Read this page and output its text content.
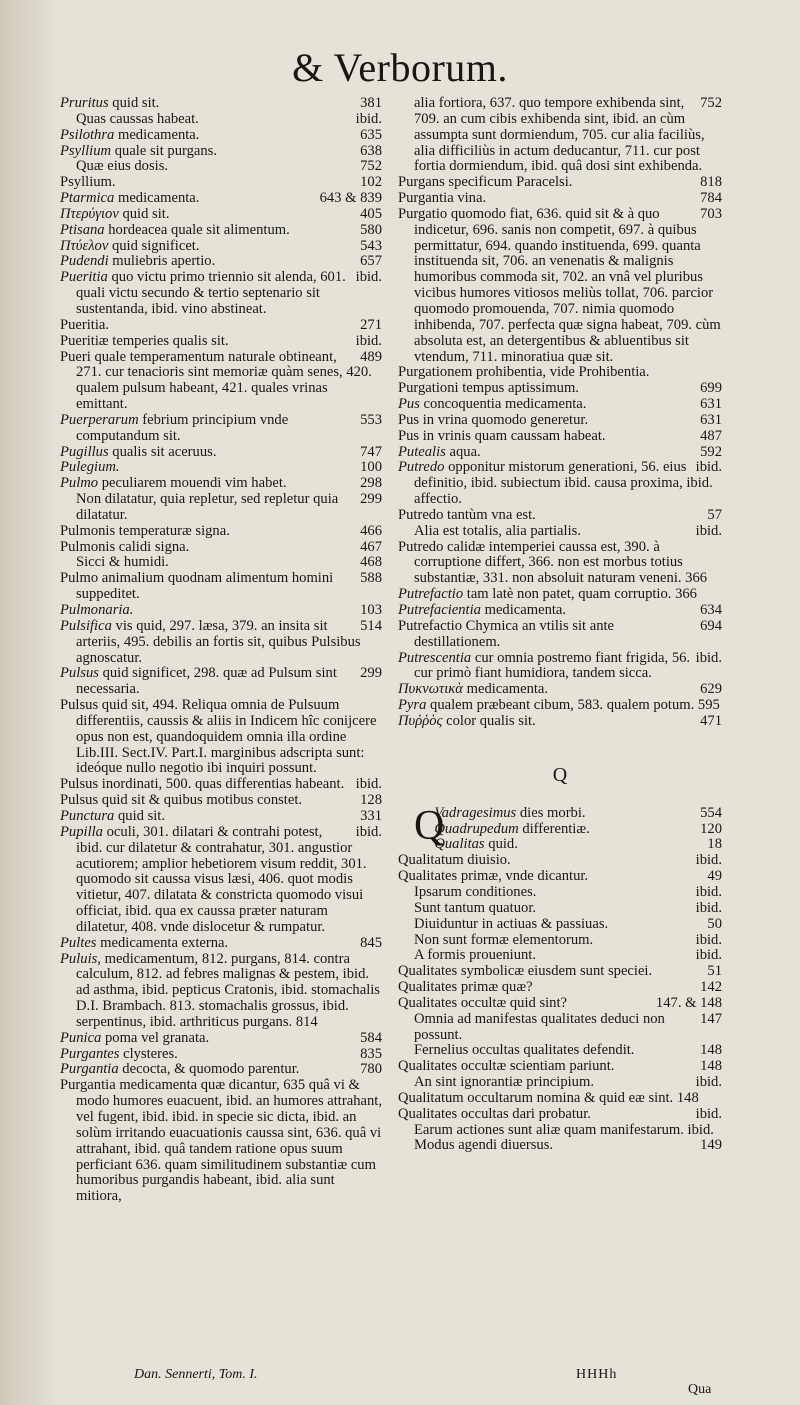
& Verborum.
381
Pruritus quid sit.
ibid.
Quas caussas habeat.
635
Psilothra medicamenta.
638
Psyllium quale sit purgans.
752
Quæ eius dosis.
102
Psyllium.
643 & 839
Ptarmica medicamenta.
405
Πτερύγιον quid sit.
580
Ptisana hordeacea quale sit alimentum.
543
Πτύελον quid significet.
657
Pudendi muliebris apertio.
ibid.
Pueritia quo victu primo triennio sit alenda, 601. quali victu secundo & tertio septenario sit sustentanda, ibid. vino abstineat.
271
Pueritia.
ibid.
Pueritiæ temperies qualis sit.
489
Pueri quale temperamentum naturale obtineant, 271. cur tenacioris sint memoriæ quàm senes, 420. qualem pulsum habeant, 421. quales vrinas emittant.
553
Puerperarum febrium principium vnde computandum sit.
747
Pugillus qualis sit aceruus.
100
Pulegium.
298
Pulmo peculiarem mouendi vim habet.
299
Non dilatatur, quia repletur, sed repletur quia dilatatur.
466
Pulmonis temperaturæ signa.
467
Pulmonis calidi signa.
468
Sicci & humidi.
588
Pulmo animalium quodnam alimentum homini suppeditet.
103
Pulmonaria.
514
Pulsifica vis quid, 297. læsa, 379. an insita sit arteriis, 495. debilis an fortis sit, quibus Pulsibus agnoscatur.
299
Pulsus quid significet, 298. quæ ad Pulsum sint necessaria.
Pulsus quid sit, 494. Reliqua omnia de Pulsuum differentiis, caussis & aliis in Indicem hîc conijcere opus non est, quandoquidem omnia illa ordine Lib.III. Sect.IV. Part.I. marginibus adscripta sunt: ideóque nullo negotio ibi inquiri possunt.
ibid.
Pulsus inordinati, 500. quas differentias habeant.
128
Pulsus quid sit & quibus motibus constet.
331
Punctura quid sit.
ibid.
Pupilla oculi, 301. dilatari & contrahi potest, ibid. cur dilatetur & contrahatur, 301. angustior acutiorem; amplior hebetiorem visum reddit, 301. quomodo sit caussa visus læsi, 406. quot modis vitietur, 407. dilatata & constricta quomodo visui officiat, ibid. qua ex caussa præter naturam dilatetur, 408. vnde dislocetur & rumpatur.
845
Pultes medicamenta externa.
Puluis, medicamentum, 812. purgans, 814. contra calculum, 812. ad febres malignas & pestem, ibid. ad asthma, ibid. pepticus Cratonis, ibid. stomachalis D.I. Brambach. 813. stomachalis grossus, ibid. serpentinus, ibid. arthriticus purgans. 814
584
Punica poma vel granata.
835
Purgantes clysteres.
780
Purgantia decocta, & quomodo parentur.
Purgantia medicamenta quæ dicantur, 635 quâ vi & modo humores euacuent, ibid. an humores attrahant, vel fugent, ibid. ibid. in specie sic dicta, ibid. an solùm irritando euacuationis caussa sint, 636. quâ vi attrahant, ibid. quâ tandem ratione opus suum perficiant 636. quam similitudinem substantiæ cum humoribus purgandis habeant, ibid. alia sunt mitiora,
752
alia fortiora, 637. quo tempore exhibenda sint, 709. an cum cibis exhibenda sint, ibid. an cùm assumpta sunt dormiendum, 705. cur alia faciliùs, alia difficiliùs in actum deducantur, 711. cur post fortia dormiendum, ibid. quâ dosi sint exhibenda.
818
Purgans specificum Paracelsi.
784
Purgantia vina.
703
Purgatio quomodo fiat, 636. quid sit & à quo indicetur, 696. sanis non competit, 697. à quibus permittatur, 694. quando instituenda, 699. quanta instituenda sit, 706. an venenatis & malignis humoribus commoda sit, 702. an vnâ vel pluribus vicibus humores vitiosos meliùs tollat, 706. parcior quomodo promouenda, 707. nimia quomodo inhibenda, 707. perfecta quæ signa habeat, 709. cùm absoluta est, an detergentibus & abluentibus sit vtendum, 711. minoratiua quæ sit.
Purgationem prohibentia, vide Prohibentia.
699
Purgationi tempus aptissimum.
631
Pus concoquentia medicamenta.
631
Pus in vrina quomodo generetur.
487
Pus in vrinis quam caussam habeat.
592
Putealis aqua.
ibid.
Putredo opponitur mistorum generationi, 56. eius definitio, ibid. subiectum ibid. causa proxima, ibid. affectio.
57
Putredo tantùm vna est.
ibid.
Alia est totalis, alia partialis.
Putredo calidæ intemperiei caussa est, 390. à corruptione differt, 366. non est morbus totius substantiæ, 331. non absoluit naturam veneni. 366
Putrefactio tam latè non patet, quam corruptio. 366
634
Putrefacientia medicamenta.
694
Putrefactio Chymica an vtilis sit ante destillationem.
ibid.
Putrescentia cur omnia postremo fiant frigida, 56. cur primò fiant humidiora, tandem sicca.
629
Πυκνωτικὰ medicamenta.
Pyra qualem præbeant cibum, 583. qualem potum. 595
471
Πυῤῥὸς color qualis sit.
Q
Q	554
Vadragesimus dies morbi.
120
Quadrupedum differentiæ.
18
Qualitas quid.
ibid.
Qualitatum diuisio.
49
Qualitates primæ, vnde dicantur.
ibid.
Ipsarum conditiones.
ibid.
Sunt tantum quatuor.
50
Diuiduntur in actiuas & passiuas.
ibid.
Non sunt formæ elementorum.
ibid.
A formis proueniunt.
51
Qualitates symbolicæ eiusdem sunt speciei.
142
Qualitates primæ quæ?
147. & 148
Qualitates occultæ quid sint?
147
Omnia ad manifestas qualitates deduci non possunt.
148
Fernelius occultas qualitates defendit.
148
Qualitates occultæ scientiam pariunt.
ibid.
An sint ignorantiæ principium.
Qualitatum occultarum nomina & quid eæ sint. 148
ibid.
Qualitates occultas dari probatur.
Earum actiones sunt aliæ quam manifestarum. ibid.
149
Modus agendi diuersus.
Dan. Sennerti, Tom. I.	HHHh
Qua
